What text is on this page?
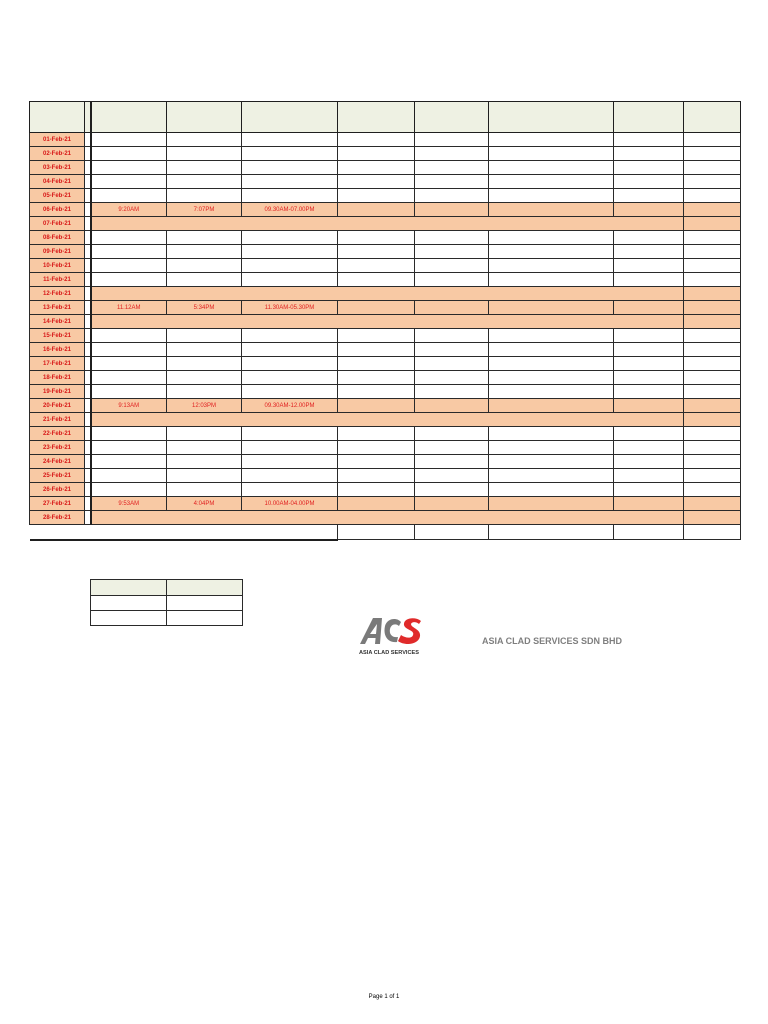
01-Feb-21									
02-Feb-21									
03-Feb-21									
04-Feb-21									
05-Feb-21									
06-Feb-21		9:20AM	7:07PM	09.30AM-07.00PM					
07-Feb-21									
08-Feb-21									
09-Feb-21									
10-Feb-21									
11-Feb-21									
12-Feb-21									
13-Feb-21		11.12AM	5:34PM	11.30AM-05.30PM					
14-Feb-21									
15-Feb-21									
16-Feb-21									
17-Feb-21									
18-Feb-21									
19-Feb-21									
20-Feb-21		9:13AM	12:03PM	09.30AM-12.00PM					
21-Feb-21									
22-Feb-21									
23-Feb-21									
24-Feb-21									
25-Feb-21									
26-Feb-21									
27-Feb-21		9:53AM	4:04PM	10.00AM-04.00PM					
28-Feb-21									

ASIA CLAD SERVICES
ASIA CLAD SERVICES SDN BHD
Page 1 of 1
